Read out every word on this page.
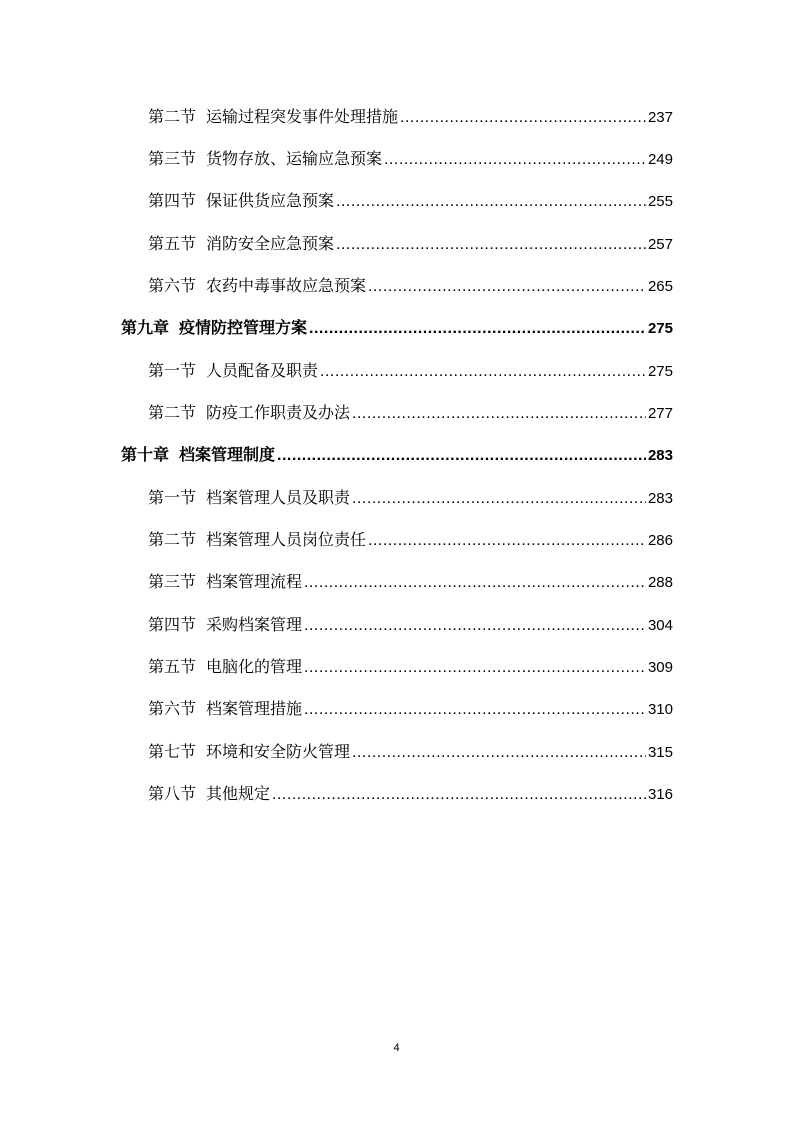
第二节 运输过程突发事件处理措施 .....	237
第三节 货物存放、运输应急预案 .....	249
第四节 保证供货应急预案 .....	255
第五节 消防安全应急预案 .....	257
第六节 农药中毒事故应急预案 .....	265
第九章 疫情防控管理方案 .....	275
第一节 人员配备及职责 .....	275
第二节 防疫工作职责及办法 .....	277
第十章 档案管理制度 .....	283
第一节 档案管理人员及职责 .....	283
第二节 档案管理人员岗位责任 .....	286
第三节 档案管理流程 .....	288
第四节 采购档案管理 .....	304
第五节 电脑化的管理 .....	309
第六节 档案管理措施 .....	310
第七节 环境和安全防火管理 .....	315
第八节 其他规定 .....	316
4
